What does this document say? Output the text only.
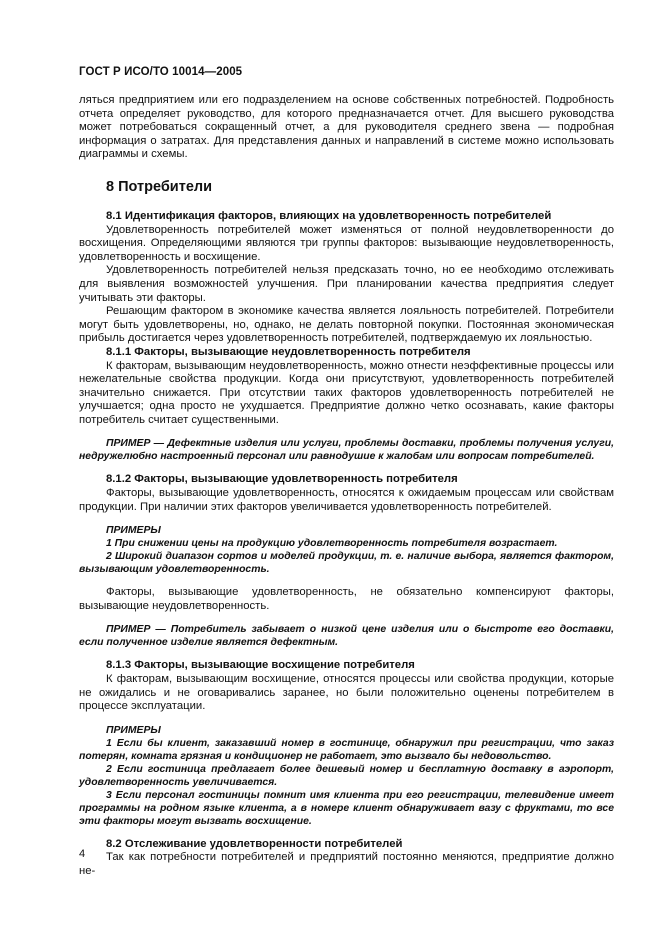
ГОСТ Р ИСО/ТО 10014—2005

ляться предприятием или его подразделением на основе собственных потребностей. Подробность отчета определяет руководство, для которого предназначается отчет. Для высшего руководства может потребоваться сокращенный отчет, а для руководителя среднего звена — подробная информация о затратах. Для представления данных и направлений в системе можно использовать диаграммы и схемы.

8 Потребители
8.1 Идентификация факторов, влияющих на удовлетворенность потребителей

Удовлетворенность потребителей может изменяться от полной неудовлетворенности до восхищения. Определяющими являются три группы факторов: вызывающие неудовлетворенность, удовлетворенность и восхищение.

Удовлетворенность потребителей нельзя предсказать точно, но ее необходимо отслеживать для выявления возможностей улучшения. При планировании качества предприятия следует учитывать эти факторы.

Решающим фактором в экономике качества является лояльность потребителей. Потребители могут быть удовлетворены, но, однако, не делать повторной покупки. Постоянная экономическая прибыль достигается через удовлетворенность потребителей, подтверждаемую их лояльностью.

8.1.1 Факторы, вызывающие неудовлетворенность потребителя

К факторам, вызывающим неудовлетворенность, можно отнести неэффективные процессы или нежелательные свойства продукции. Когда они присутствуют, удовлетворенность потребителей значительно снижается. При отсутствии таких факторов удовлетворенность потребителей не улучшается; одна просто не ухудшается. Предприятие должно четко осознавать, какие факторы потребитель считает существенными.

ПРИМЕР — Дефектные изделия или услуги, проблемы доставки, проблемы получения услуги, недружелюбно настроенный персонал или равнодушие к жалобам или вопросам потребителей.

8.1.2 Факторы, вызывающие удовлетворенность потребителя

Факторы, вызывающие удовлетворенность, относятся к ожидаемым процессам или свойствам продукции. При наличии этих факторов увеличивается удовлетворенность потребителей.

ПРИМЕРЫ

1 При снижении цены на продукцию удовлетворенность потребителя возрастает.

2 Широкий диапазон сортов и моделей продукции, т. е. наличие выбора, является фактором, вызывающим удовлетворенность.

Факторы, вызывающие удовлетворенность, не обязательно компенсируют факторы, вызывающие неудовлетворенность.

ПРИМЕР — Потребитель забывает о низкой цене изделия или о быстроте его доставки, если полученное изделие является дефектным.

8.1.3 Факторы, вызывающие восхищение потребителя

К факторам, вызывающим восхищение, относятся процессы или свойства продукции, которые не ожидались и не оговаривались заранее, но были положительно оценены потребителем в процессе эксплуатации.

ПРИМЕРЫ

1 Если бы клиент, заказавший номер в гостинице, обнаружил при регистрации, что заказ потерян, комната грязная и кондиционер не работает, это вызвало бы недовольство.

2 Если гостиница предлагает более дешевый номер и бесплатную доставку в аэропорт, удовлетворенность увеличивается.

3 Если персонал гостиницы помнит имя клиента при его регистрации, телевидение имеет программы на родном языке клиента, а в номере клиент обнаруживает вазу с фруктами, то все эти факторы могут вызвать восхищение.

8.2 Отслеживание удовлетворенности потребителей

Так как потребности потребителей и предприятий постоянно меняются, предприятие должно не-

4
